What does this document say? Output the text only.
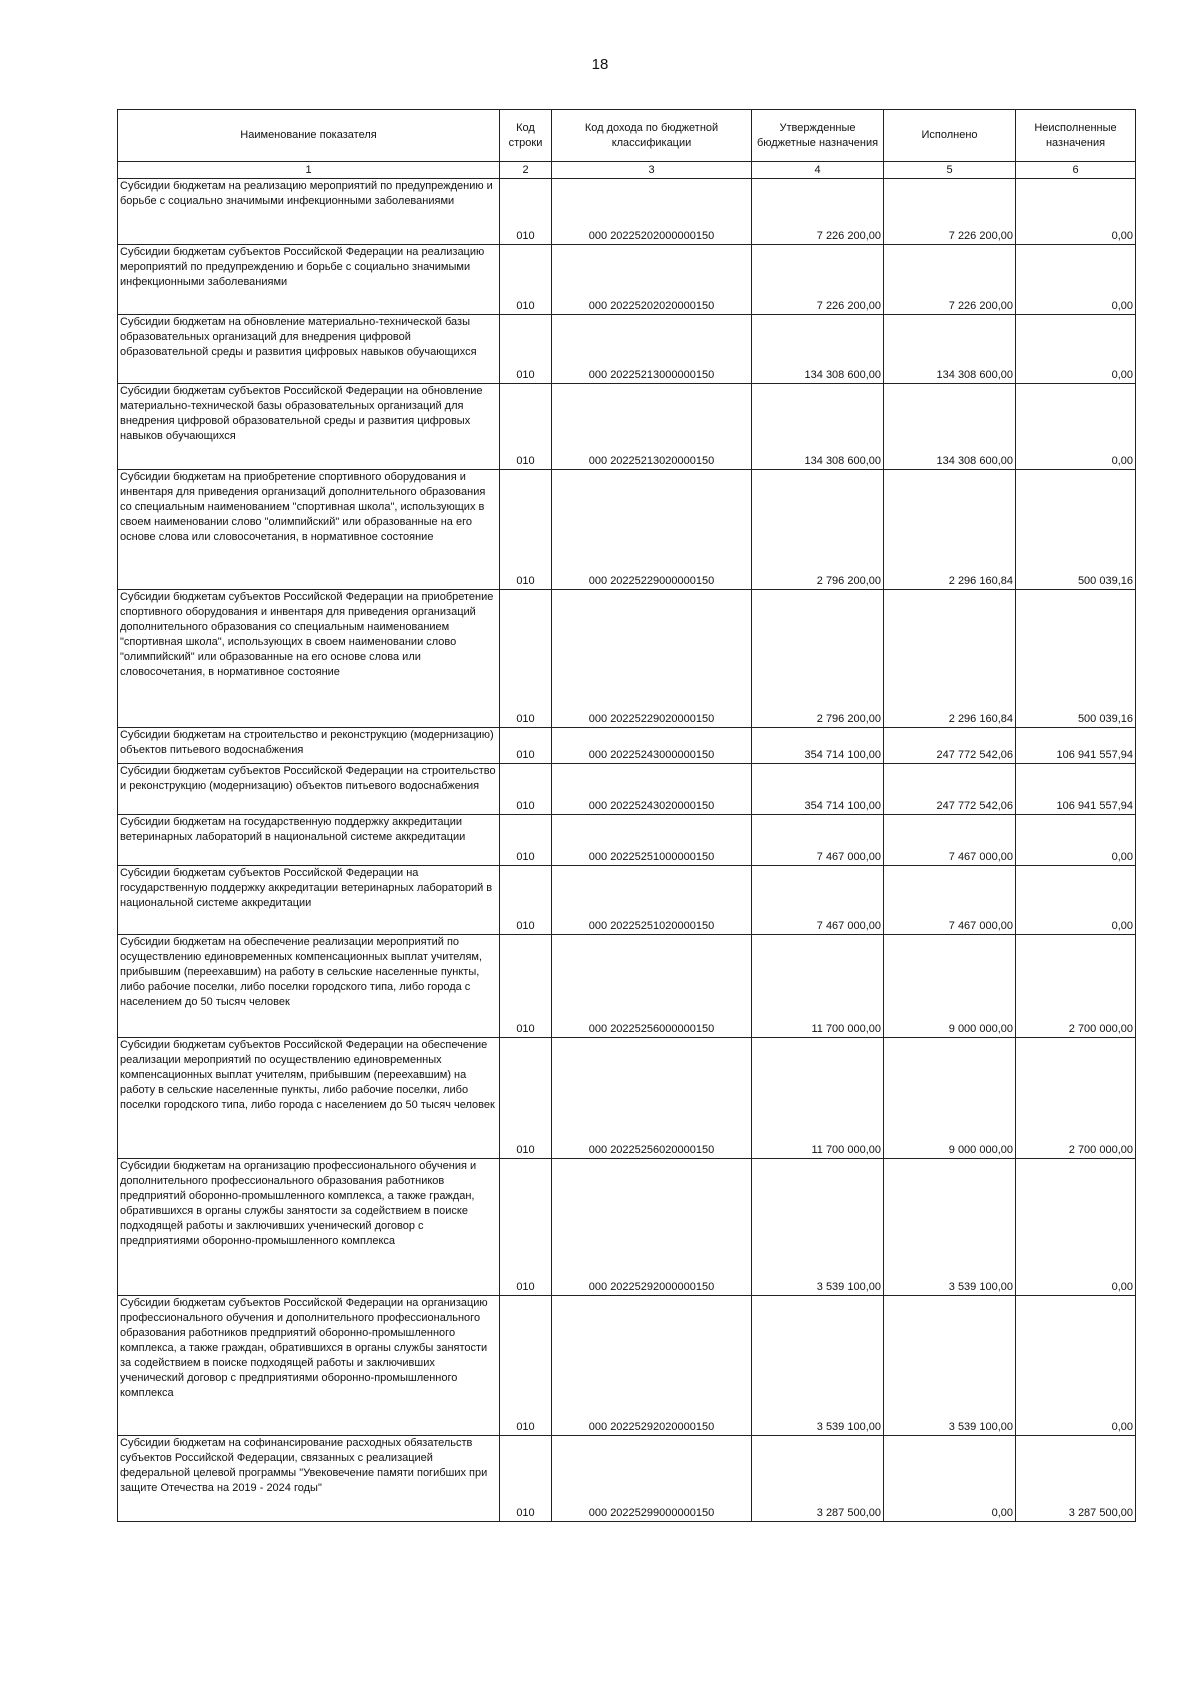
18
Наименование показателя	Код строки	Код дохода по бюджетной классификации	Утвержденные бюджетные назначения	Исполнено	Неисполненные назначения
1	2	3	4	5	6
Субсидии бюджетам на реализацию мероприятий по предупреждению и борьбе с социально значимыми инфекционными заболеваниями	010	000 20225202000000150	7 226 200,00	7 226 200,00	0,00
Субсидии бюджетам субъектов Российской Федерации на реализацию мероприятий по предупреждению и борьбе с социально значимыми инфекционными заболеваниями	010	000 20225202020000150	7 226 200,00	7 226 200,00	0,00
Субсидии бюджетам на обновление материально-технической базы образовательных организаций для внедрения цифровой образовательной среды и развития цифровых навыков обучающихся	010	000 20225213000000150	134 308 600,00	134 308 600,00	0,00
Субсидии бюджетам субъектов Российской Федерации на обновление материально-технической базы образовательных организаций для внедрения цифровой образовательной среды и развития цифровых навыков обучающихся	010	000 20225213020000150	134 308 600,00	134 308 600,00	0,00
Субсидии бюджетам на приобретение спортивного оборудования и инвентаря для приведения организаций дополнительного образования со специальным наименованием "спортивная школа", использующих в своем наименовании слово "олимпийский" или образованные на его основе слова или словосочетания, в нормативное состояние	010	000 20225229000000150	2 796 200,00	2 296 160,84	500 039,16
Субсидии бюджетам субъектов Российской Федерации на приобретение спортивного оборудования и инвентаря для приведения организаций дополнительного образования со специальным наименованием "спортивная школа", использующих в своем наименовании слово "олимпийский" или образованные на его основе слова или словосочетания, в нормативное состояние	010	000 20225229020000150	2 796 200,00	2 296 160,84	500 039,16
Субсидии бюджетам на строительство и реконструкцию (модернизацию) объектов питьевого водоснабжения	010	000 20225243000000150	354 714 100,00	247 772 542,06	106 941 557,94
Субсидии бюджетам субъектов Российской Федерации на строительство и реконструкцию (модернизацию) объектов питьевого водоснабжения	010	000 20225243020000150	354 714 100,00	247 772 542,06	106 941 557,94
Субсидии бюджетам на государственную поддержку аккредитации ветеринарных лабораторий в национальной системе аккредитации	010	000 20225251000000150	7 467 000,00	7 467 000,00	0,00
Субсидии бюджетам субъектов Российской Федерации на государственную поддержку аккредитации ветеринарных лабораторий в национальной системе аккредитации	010	000 20225251020000150	7 467 000,00	7 467 000,00	0,00
Субсидии бюджетам на обеспечение реализации мероприятий по осуществлению единовременных компенсационных выплат учителям, прибывшим (переехавшим) на работу в сельские населенные пункты, либо рабочие поселки, либо поселки городского типа, либо города с населением до 50 тысяч человек	010	000 20225256000000150	11 700 000,00	9 000 000,00	2 700 000,00
Субсидии бюджетам субъектов Российской Федерации на обеспечение реализации мероприятий по осуществлению единовременных компенсационных выплат учителям, прибывшим (переехавшим) на работу в сельские населенные пункты, либо рабочие поселки, либо поселки городского типа, либо города с населением до 50 тысяч человек	010	000 20225256020000150	11 700 000,00	9 000 000,00	2 700 000,00
Субсидии бюджетам на организацию профессионального обучения и дополнительного профессионального образования работников предприятий оборонно-промышленного комплекса, а также граждан, обратившихся в органы службы занятости за содействием в поиске подходящей работы и заключивших ученический договор с предприятиями оборонно-промышленного комплекса	010	000 20225292000000150	3 539 100,00	3 539 100,00	0,00
Субсидии бюджетам субъектов Российской Федерации на организацию профессионального обучения и дополнительного профессионального образования работников предприятий оборонно-промышленного комплекса, а также граждан, обратившихся в органы службы занятости за содействием в поиске подходящей работы и заключивших ученический договор с предприятиями оборонно-промышленного комплекса	010	000 20225292020000150	3 539 100,00	3 539 100,00	0,00
Субсидии бюджетам на софинансирование расходных обязательств субъектов Российской Федерации, связанных с реализацией федеральной целевой программы "Увековечение памяти погибших при защите Отечества на 2019 - 2024 годы"	010	000 20225299000000150	3 287 500,00	0,00	3 287 500,00
